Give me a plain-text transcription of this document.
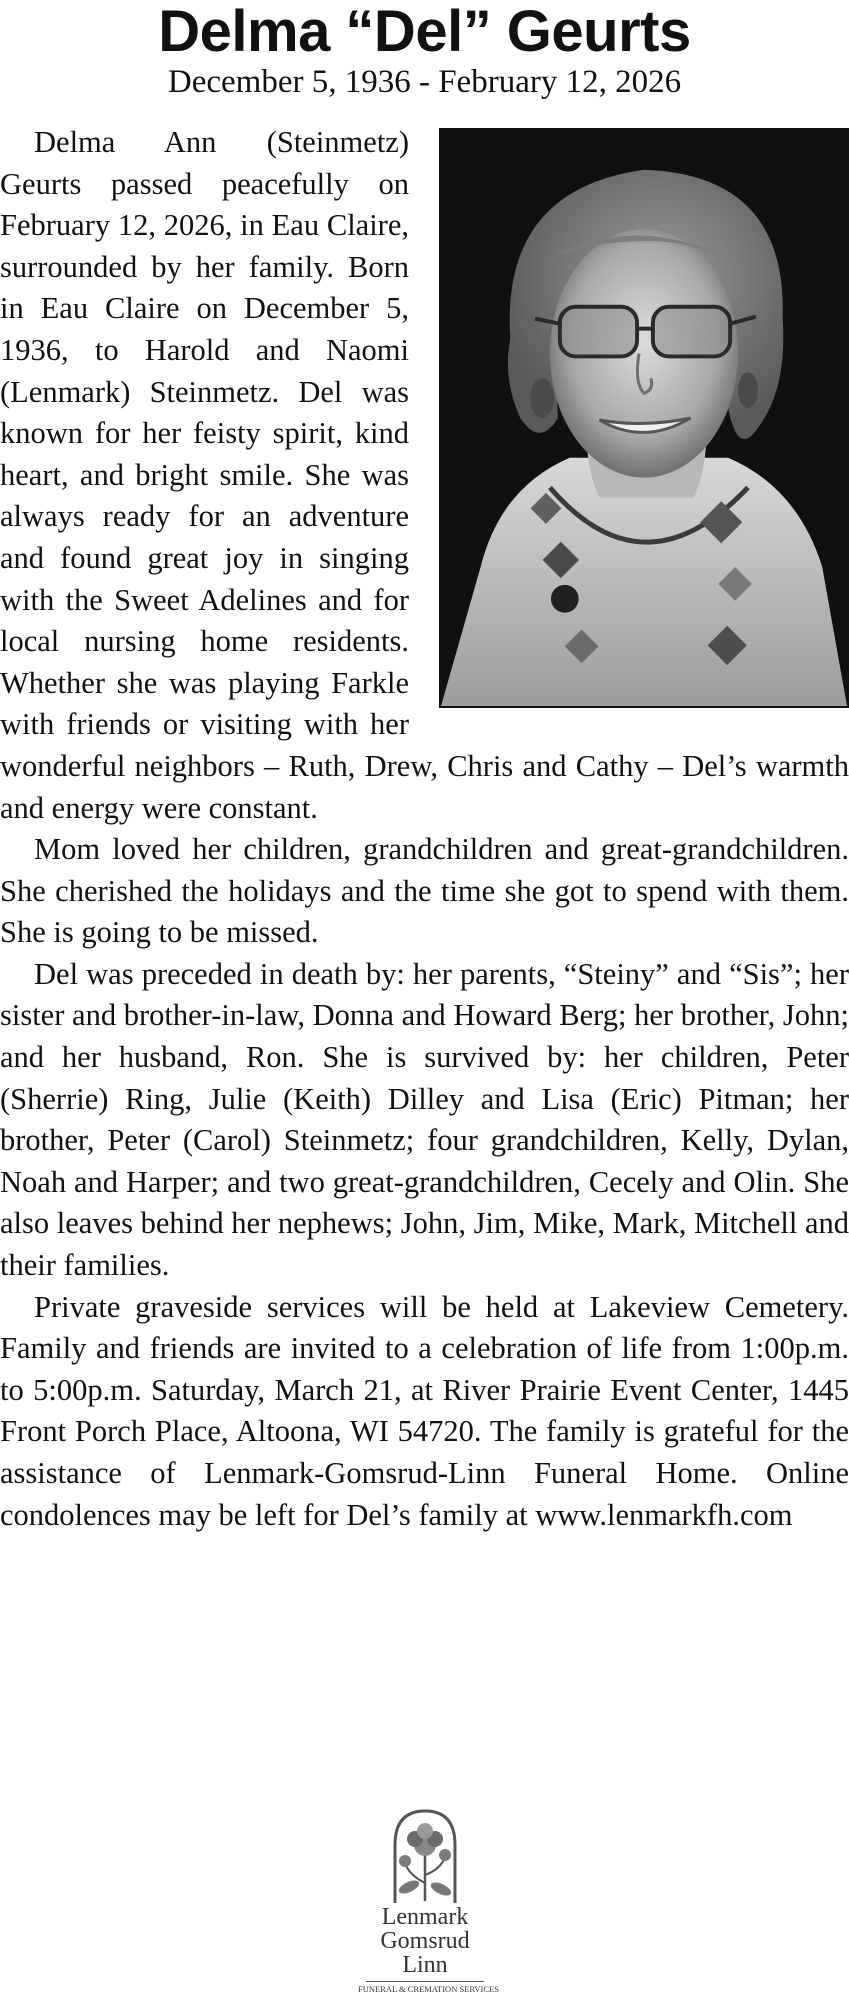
Delma “Del” Geurts

December 5, 1936 - February 12, 2026

Delma Ann (Steinmetz) Geurts passed peacefully on February 12, 2026, in Eau Claire, surrounded by her family. Born in Eau Claire on December 5, 1936, to Harold and Naomi (Lenmark) Steinmetz. Del was known for her feisty spirit, kind heart, and bright smile. She was always ready for an adventure and found great joy in singing with the Sweet Adelines and for local nursing home residents. Whether she was playing Farkle with friends or visiting with her wonderful neighbors – Ruth, Drew, Chris and Cathy – Del’s warmth and energy were constant.

Mom loved her children, grandchildren and great-grandchildren. She cherished the holidays and the time she got to spend with them. She is going to be missed.

Del was preceded in death by: her parents, “Steiny” and “Sis”; her sister and brother-in-law, Donna and Howard Berg; her brother, John; and her husband, Ron. She is survived by: her children, Peter (Sherrie) Ring, Julie (Keith) Dilley and Lisa (Eric) Pitman; her brother, Peter (Carol) Steinmetz; four grandchildren, Kelly, Dylan, Noah and Harper; and two great-grandchildren, Cecely and Olin. She also leaves behind her nephews; John, Jim, Mike, Mark, Mitchell and their families.

Private graveside services will be held at Lakeview Cemetery. Family and friends are invited to a celebration of life from 1:00p.m. to 5:00p.m. Saturday, March 21, at River Prairie Event Center, 1445 Front Porch Place, Altoona, WI 54720. The family is grateful for the assistance of Lenmark-Gomsrud-Linn Funeral Home. Online condolences may be left for Del’s family at www.lenmarkfh.com

Lenmark
Gomsrud
Linn
FUNERAL & CREMATION SERVICES
